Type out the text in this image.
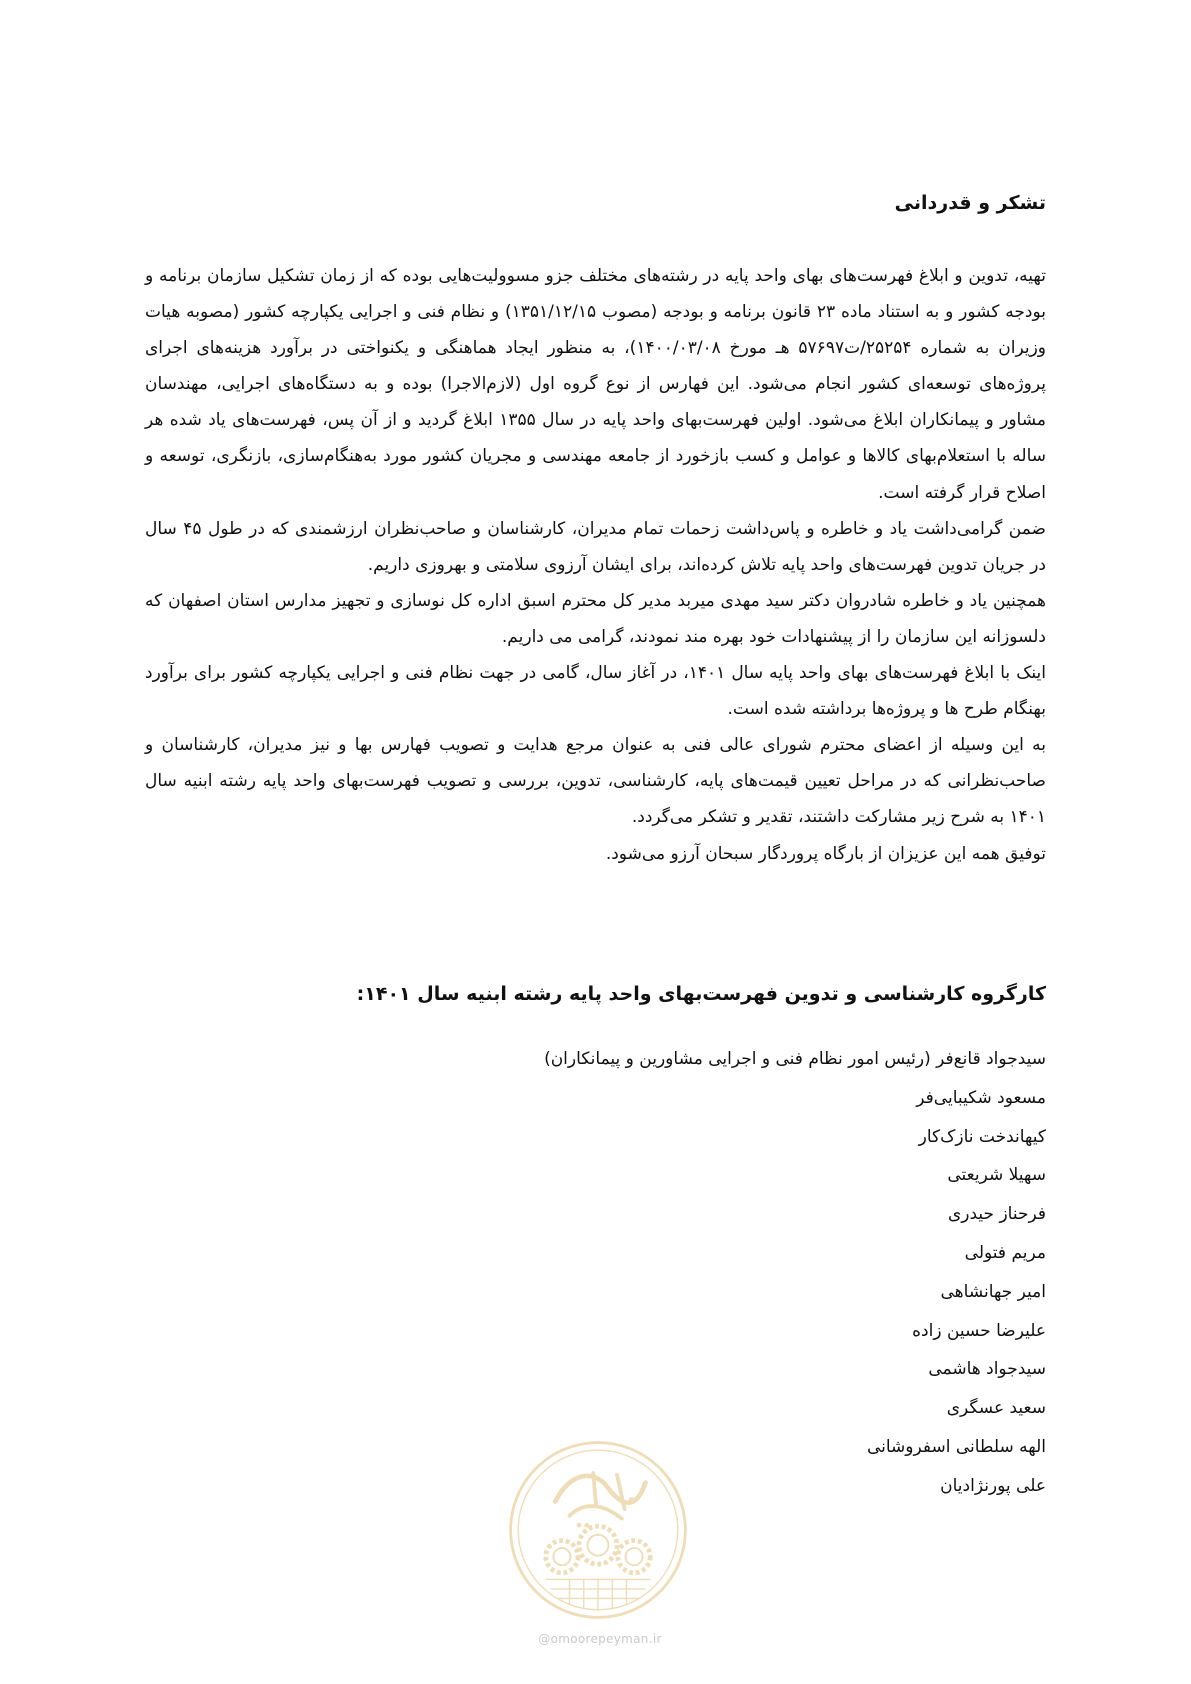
تشکر و قدردانی

تهیه، تدوین و ابلاغ فهرست‌های بهای واحد پایه در رشته‌های مختلف جزو مسوولیت‌هایی بوده که از زمان تشکیل سازمان برنامه و بودجه کشور و به استناد ماده ۲۳ قانون برنامه و بودجه (مصوب ۱۳۵۱/۱۲/۱۵) و نظام فنی و اجرایی یکپارچه کشور (مصوبه هیات وزیران به شماره ۲۵۲۵۴/ت۵۷۶۹۷ هـ مورخ ۱۴۰۰/۰۳/۰۸)، به منظور ایجاد هماهنگی و یکنواختی در برآورد هزینه‌های اجرای پروژه‌های توسعه‌ای کشور انجام می‌شود. این فهارس از نوع گروه اول (لازم‌الاجرا) بوده و به دستگاه‌های اجرایی، مهندسان مشاور و پیمانکاران ابلاغ می‌شود. اولین فهرست‌بهای واحد پایه در سال ۱۳۵۵ ابلاغ گردید و از آن پس، فهرست‌های یاد شده هر ساله با استعلام‌بهای کالاها و عوامل و کسب بازخورد از جامعه مهندسی و مجریان کشور مورد به‌هنگام‌سازی، بازنگری، توسعه و اصلاح قرار گرفته است.

ضمن گرامی‌داشت یاد و خاطره و پاس‌داشت زحمات تمام مدیران، کارشناسان و صاحب‌نظران ارزشمندی که در طول ۴۵ سال در جریان تدوین فهرست‌های واحد پایه تلاش کرده‌اند، برای ایشان آرزوی سلامتی و بهروزی داریم.

همچنین یاد و خاطره شادروان دکتر سید مهدی میربد مدیر کل محترم اسبق اداره کل نوسازی و تجهیز مدارس استان اصفهان که دلسوزانه این سازمان را از پیشنهادات خود بهره مند نمودند، گرامی می داریم.

اینک با ابلاغ فهرست‌های بهای واحد پایه سال ۱۴۰۱، در آغاز سال، گامی در جهت نظام فنی و اجرایی یکپارچه کشور برای برآورد بهنگام طرح ها و پروژه‌ها برداشته شده است.

به این وسیله از اعضای محترم شورای عالی فنی به عنوان مرجع هدایت و تصویب فهارس بها و نیز مدیران، کارشناسان و صاحب‌نظرانی که در مراحل تعیین قیمت‌های پایه، کارشناسی، تدوین، بررسی و تصویب فهرست‌بهای واحد پایه رشته ابنیه سال ۱۴۰۱ به شرح زیر مشارکت داشتند، تقدیر و تشکر می‌گردد.

توفیق همه این عزیزان از بارگاه پروردگار سبحان آرزو می‌شود.

کارگروه کارشناسی و تدوین فهرست‌بهای واحد پایه رشته ابنیه سال ۱۴۰۱:
سیدجواد قانع‌فر (رئیس امور نظام فنی و اجرایی مشاورین و پیمانکاران)
مسعود شکیبایی‌فر
کیهاندخت نازک‌کار
سهیلا شریعتی
فرحناز حیدری
مریم فتولی
امیر جهانشاهی
علیرضا حسین زاده
سیدجواد هاشمی
سعید عسگری
الهه سلطانی اسفروشانی
علی پورنژادیان
@omoorepeyman.ir
